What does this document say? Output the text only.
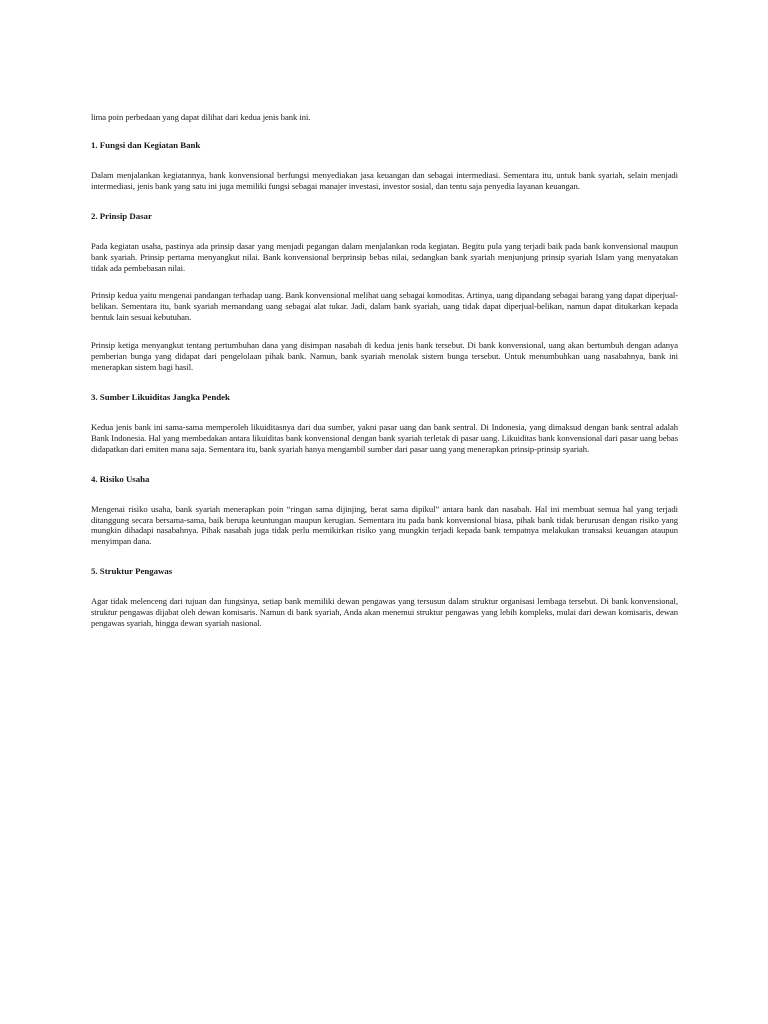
lima poin perbedaan yang dapat dilihat dari kedua jenis bank ini.

1. Fungsi dan Kegiatan Bank

Dalam menjalankan kegiatannya, bank konvensional berfungsi menyediakan jasa keuangan dan sebagai intermediasi. Sementara itu, untuk bank syariah, selain menjadi intermediasi, jenis bank yang satu ini juga memiliki fungsi sebagai manajer investasi, investor sosial, dan tentu saja penyedia layanan keuangan.

2. Prinsip Dasar

Pada kegiatan usaha, pastinya ada prinsip dasar yang menjadi pegangan dalam menjalankan roda kegiatan. Begitu pula yang terjadi baik pada bank konvensional maupun bank syariah. Prinsip pertama menyangkut nilai. Bank konvensional berprinsip bebas nilai, sedangkan bank syariah menjunjung prinsip syariah Islam yang menyatakan tidak ada pembebasan nilai.

Prinsip kedua yaitu mengenai pandangan terhadap uang. Bank konvensional melihat uang sebagai komoditas. Artinya, uang dipandang sebagai barang yang dapat diperjual-belikan. Sementara itu, bank syariah memandang uang sebagai alat tukar. Jadi, dalam bank syariah, uang tidak dapat diperjual-belikan, namun dapat ditukarkan kepada bentuk lain sesuai kebutuhan.

Prinsip ketiga menyangkut tentang pertumbuhan dana yang disimpan nasabah di kedua jenis bank tersebut. Di bank konvensional, uang akan bertumbuh dengan adanya pemberian bunga yang didapat dari pengelolaan pihak bank. Namun, bank syariah menolak sistem bunga tersebut. Untuk menumbuhkan uang nasabahnya, bank ini menerapkan sistem bagi hasil.

3. Sumber Likuiditas Jangka Pendek

Kedua jenis bank ini sama-sama memperoleh likuiditasnya dari dua sumber, yakni pasar uang dan bank sentral. Di Indonesia, yang dimaksud dengan bank sentral adalah Bank Indonesia. Hal yang membedakan antara likuiditas bank konvensional dengan bank syariah terletak di pasar uang. Likuiditas bank konvensional dari pasar uang bebas didapatkan dari emiten mana saja. Sementara itu, bank syariah hanya mengambil sumber dari pasar uang yang menerapkan prinsip-prinsip syariah.

4. Risiko Usaha

Mengenai risiko usaha, bank syariah menerapkan poin “ringan sama dijinjing, berat sama dipikul” antara bank dan nasabah. Hal ini membuat semua hal yang terjadi ditanggung secara bersama-sama, baik berupa keuntungan maupun kerugian. Sementara itu pada bank konvensional biasa, pihak bank tidak berurusan dengan risiko yang mungkin dihadapi nasabahnya. Pihak nasabah juga tidak perlu memikirkan risiko yang mungkin terjadi kepada bank tempatnya melakukan transaksi keuangan ataupun menyimpan dana.

5. Struktur Pengawas

Agar tidak melenceng dari tujuan dan fungsinya, setiap bank memiliki dewan pengawas yang tersusun dalam struktur organisasi lembaga tersebut. Di bank konvensional, struktur pengawas dijabat oleh dewan komisaris. Namun di bank syariah, Anda akan menemui struktur pengawas yang lebih kompleks, mulai dari dewan komisaris, dewan pengawas syariah, hingga dewan syariah nasional.
